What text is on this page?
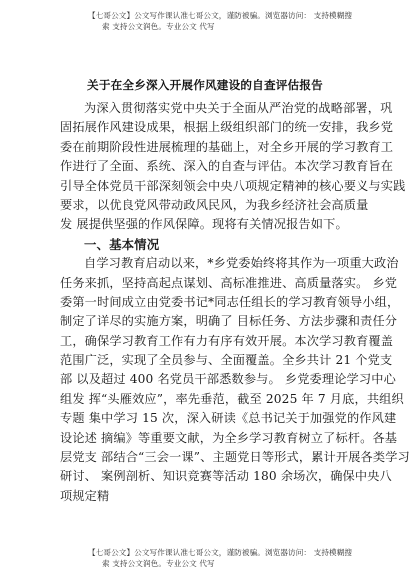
【七哥公文】公文写作课认准七哥公文，谨防被骗。浏览器访问： 支持模糊搜
索 支持公文润色。专业公文 代写
关于在全乡深入开展作风建设的自查评估报告
为深入贯彻落实党中央关于全面从严治党的战略部署，巩
固拓展作风建设成果，根据上级组织部门的统一安排，我乡党
委在前期阶段性进展梳理的基础上，对全乡开展的学习教育工
作进行了全面、系统、深入的自查与评估。本次学习教育旨在
引导全体党员干部深刻领会中央八项规定精神的核心要义与实践
要求，以优良党风带动政风民风，为我乡经济社会高质量
发 展提供坚强的作风保障。现将有关情况报告如下。
一、基本情况
自学习教育启动以来，*乡党委始终将其作为一项重大政治
任务来抓，坚持高起点谋划、高标准推进、高质量落实。 乡党
委第一时间成立由党委书记*同志任组长的学习教育领导小组，
制定了详尽的实施方案，明确了 目标任务、方法步骤和责任分
工，确保学习教育工作有力有序有效开展。本次学习教育覆盖
范围广泛，实现了全员参与、全面覆盖。全乡共计 21 个党支
部 以及超过 400 名党员干部悉数参与。 乡党委理论学习中心
组发 挥“头雁效应”，率先垂范，截至 2025 年 7 月底，共组织
专题 集中学习 15 次，深入研读《总书记关于加强党的作风建
设论述 摘编》等重要文献，为全乡学习教育树立了标杆。各基
层党支 部结合“三会一课”、主题党日等形式，累计开展各类学习
研讨、 案例剖析、知识竞赛等活动 180 余场次，确保中央八
项规定精
【七哥公文】公文写作课认准七哥公文，谨防被骗。浏览器访问： 支持模糊搜
索 支持公文润色。专业公文 代写
